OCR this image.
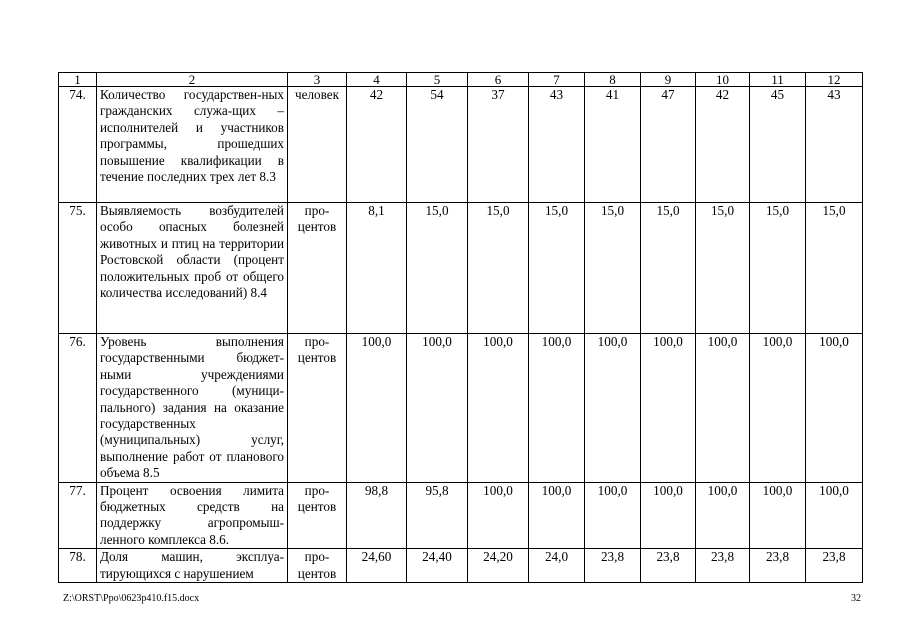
1	2	3	4	5	6	7	8	9	10	11	12
74.	Количество государствен-ных гражданских служа-щих – исполнителей и участников программы, прошедших повышение квалификации в течение последних трех лет 8.3	человек	42	54	37	43	41	47	42	45	43
75.	Выявляемость возбудителей особо опасных болезней животных и птиц на территории Ростовской области (процент положительных проб от общего количества исследований) 8.4	про-центов	8,1	15,0	15,0	15,0	15,0	15,0	15,0	15,0	15,0
76.	Уровень выполнения государственными бюджет-ными учреждениями государственного (муници-пального) задания на оказание государственных (муниципальных) услуг, выполнение работ от планового объема 8.5	про-центов	100,0	100,0	100,0	100,0	100,0	100,0	100,0	100,0	100,0
77.	Процент освоения лимита бюджетных средств на поддержку агропромыш-ленного комплекса 8.6.	про-центов	98,8	95,8	100,0	100,0	100,0	100,0	100,0	100,0	100,0
78.	Доля машин, эксплуа-тирующихся с нарушением	про-центов	24,60	24,40	24,20	24,0	23,8	23,8	23,8	23,8	23,8
Z:\ORST\Ppo\0623p410.f15.docx	32
